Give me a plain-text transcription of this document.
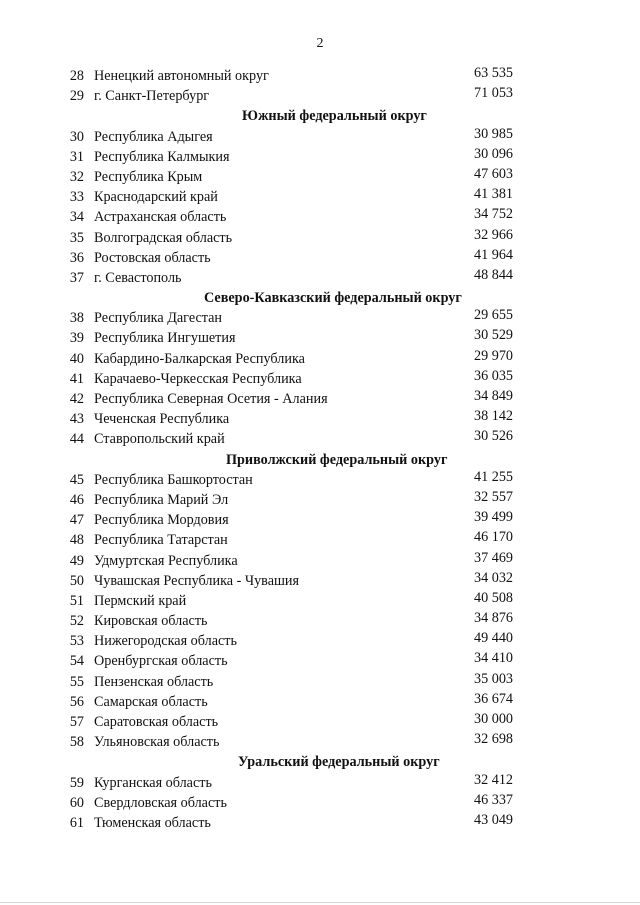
2
28 Ненецкий автономный округ	63 535
29 г. Санкт-Петербург	71 053
Южный федеральный округ
30 Республика Адыгея	30 985
31 Республика Калмыкия	30 096
32 Республика Крым	47 603
33 Краснодарский край	41 381
34 Астраханская область	34 752
35 Волгоградская область	32 966
36 Ростовская область	41 964
37 г. Севастополь	48 844
Северо-Кавказский федеральный округ
38 Республика Дагестан	29 655
39 Республика Ингушетия	30 529
40 Кабардино-Балкарская Республика	29 970
41 Карачаево-Черкесская Республика	36 035
42 Республика Северная Осетия - Алания	34 849
43 Чеченская Республика	38 142
44 Ставропольский край	30 526
Приволжский федеральный округ
45 Республика Башкортостан	41 255
46 Республика Марий Эл	32 557
47 Республика Мордовия	39 499
48 Республика Татарстан	46 170
49 Удмуртская Республика	37 469
50 Чувашская Республика - Чувашия	34 032
51 Пермский край	40 508
52 Кировская область	34 876
53 Нижегородская область	49 440
54 Оренбургская область	34 410
55 Пензенская область	35 003
56 Самарская область	36 674
57 Саратовская область	30 000
58 Ульяновская область	32 698
Уральский федеральный округ
59 Курганская область	32 412
60 Свердловская область	46 337
61 Тюменская область	43 049
